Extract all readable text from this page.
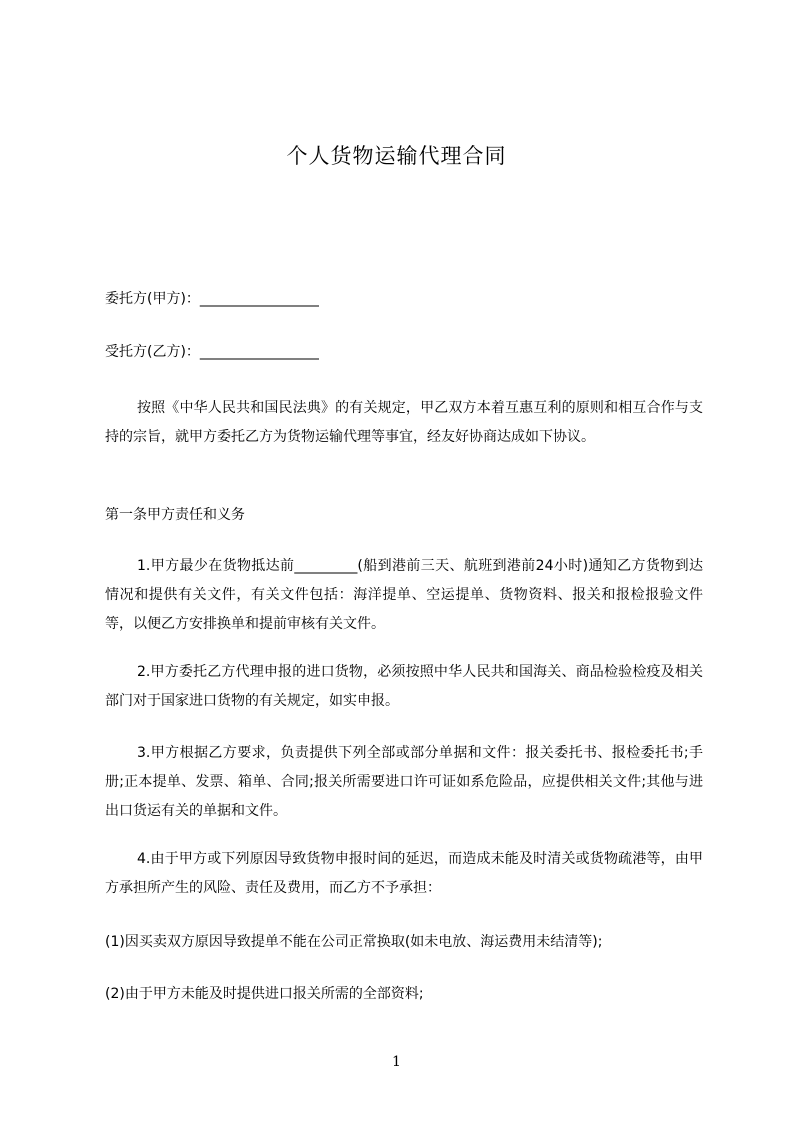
个人货物运输代理合同
委托方(甲方)：_________________
受托方(乙方)：_________________
按照《中华人民共和国民法典》的有关规定，甲乙双方本着互惠互利的原则和相互合作与支持的宗旨，就甲方委托乙方为货物运输代理等事宜，经友好协商达成如下协议。
第一条甲方责任和义务
1.甲方最少在货物抵达前_________(船到港前三天、航班到港前24小时)通知乙方货物到达情况和提供有关文件，有关文件包括：海洋提单、空运提单、货物资料、报关和报检报验文件等，以便乙方安排换单和提前审核有关文件。
2.甲方委托乙方代理申报的进口货物，必须按照中华人民共和国海关、商品检验检疫及相关部门对于国家进口货物的有关规定，如实申报。
3.甲方根据乙方要求，负责提供下列全部或部分单据和文件：报关委托书、报检委托书;手册;正本提单、发票、箱单、合同;报关所需要进口许可证如系危险品，应提供相关文件;其他与进出口货运有关的单据和文件。
4.由于甲方或下列原因导致货物申报时间的延迟，而造成未能及时清关或货物疏港等，由甲方承担所产生的风险、责任及费用，而乙方不予承担：
(1)因买卖双方原因导致提单不能在公司正常换取(如未电放、海运费用未结清等);
(2)由于甲方未能及时提供进口报关所需的全部资料;
1
